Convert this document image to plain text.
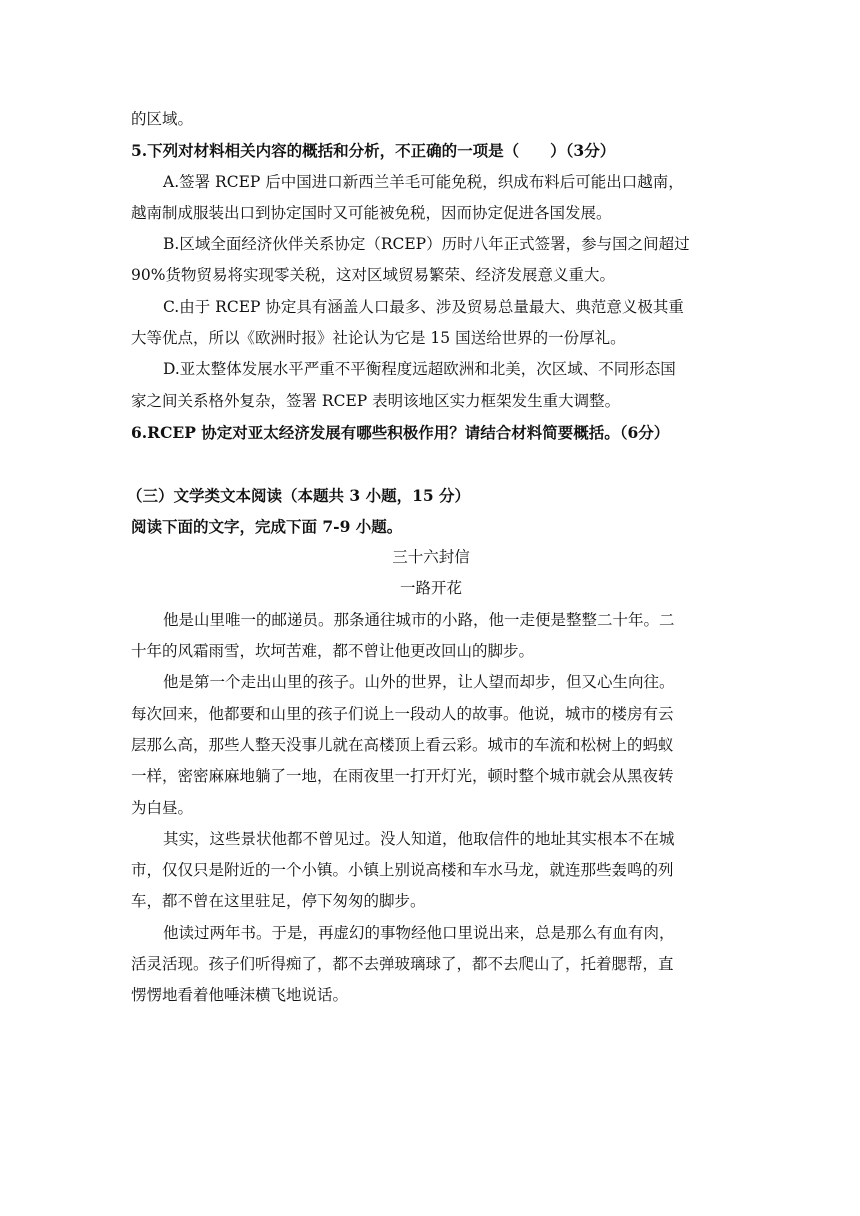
的区域。
5.下列对材料相关内容的概括和分析，不正确的一项是（　　）（3分）
A.签署 RCEP 后中国进口新西兰羊毛可能免税，织成布料后可能出口越南，
越南制成服装出口到协定国时又可能被免税，因而协定促进各国发展。
B.区域全面经济伙伴关系协定（RCEP）历时八年正式签署，参与国之间超过
90%货物贸易将实现零关税，这对区域贸易繁荣、经济发展意义重大。
C.由于 RCEP 协定具有涵盖人口最多、涉及贸易总量最大、典范意义极其重
大等优点，所以《欧洲时报》社论认为它是 15 国送给世界的一份厚礼。
D.亚太整体发展水平严重不平衡程度远超欧洲和北美，次区域、不同形态国
家之间关系格外复杂，签署 RCEP 表明该地区实力框架发生重大调整。
6.RCEP 协定对亚太经济发展有哪些积极作用？请结合材料简要概括。（6分）
（三）文学类文本阅读（本题共 3 小题，15 分）
阅读下面的文字，完成下面 7-9 小题。
三十六封信
一路开花
他是山里唯一的邮递员。那条通往城市的小路，他一走便是整整二十年。二
十年的风霜雨雪，坎坷苦难，都不曾让他更改回山的脚步。
他是第一个走出山里的孩子。山外的世界，让人望而却步，但又心生向往。
每次回来，他都要和山里的孩子们说上一段动人的故事。他说，城市的楼房有云
层那么高，那些人整天没事儿就在高楼顶上看云彩。城市的车流和松树上的蚂蚁
一样，密密麻麻地躺了一地，在雨夜里一打开灯光，顿时整个城市就会从黑夜转
为白昼。
其实，这些景状他都不曾见过。没人知道，他取信件的地址其实根本不在城
市，仅仅只是附近的一个小镇。小镇上别说高楼和车水马龙，就连那些轰鸣的列
车，都不曾在这里驻足，停下匆匆的脚步。
他读过两年书。于是，再虚幻的事物经他口里说出来，总是那么有血有肉，
活灵活现。孩子们听得痴了，都不去弹玻璃球了，都不去爬山了，托着腮帮，直
愣愣地看着他唾沫横飞地说话。
